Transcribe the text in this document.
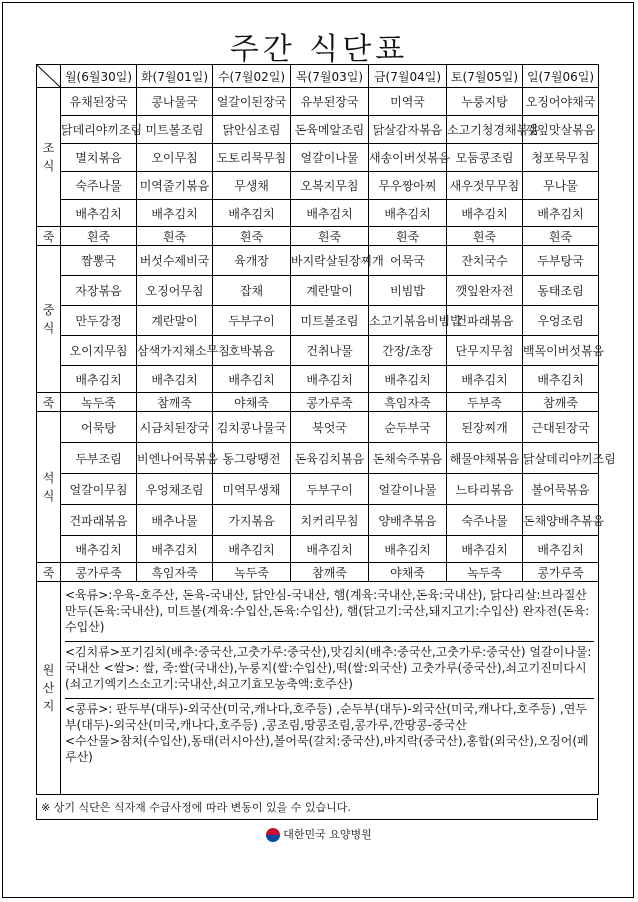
주간 식단표
	월(6월30일)	화(7월01일)	수(7월02일)	목(7월03일)	금(7월04일)	토(7월05일)	일(7월06일)
조식	유채된장국	콩나물국	얼갈이된장국	유부된장국	미역국	누룽지탕	오징어야채국
	닭데리야끼조림	미트볼조림	닭안심조림	돈육메알조림	닭살감자볶음	소고기청경채볶음	깻잎맛살볶음
	멸치볶음	오이무침	도토리묵무침	얼갈이나물	새송이버섯볶음	모둠콩조림	청포묵무침
	숙주나물	미역줄기볶음	무생채	오복지무침	무우짱아찌	새우젓무무침	무나물
	배추김치	배추김치	배추김치	배추김치	배추김치	배추김치	배추김치
죽	흰죽	흰죽	흰죽	흰죽	흰죽	흰죽	흰죽
중식	짬뽕국	버섯수제비국	육개장	바지락살된장찌개	어묵국	잔치국수	두부탕국
	자장볶음	오징어무침	잡채	계란말이	비빔밥	깻잎완자전	동태조림
	만두강정	계란말이	두부구이	미트볼조림	소고기볶음비빔밥	건파래볶음	우엉조림
	오이지무침	삼색가지채소무침	호박볶음	건취나물	간장/초장	단무지무침	백목이버섯볶음
	배추김치	배추김치	배추김치	배추김치	배추김치	배추김치	배추김치
죽	녹두죽	참깨죽	야채죽	콩가루죽	흑임자죽	두부죽	참깨죽
석식	어묵탕	시금치된장국	김치콩나물국	북엇국	순두부국	된장찌개	근대된장국
	두부조림	비엔나어묵볶음	동그랑땡전	돈육김치볶음	돈채숙주볶음	해물야채볶음	닭살데리야끼조림
	얼갈이무침	우엉채조림	미역무생채	두부구이	얼갈이나물	느타리볶음	볼어묵볶음
	건파래볶음	배추나물	가지볶음	치커리무침	양배추볶음	숙주나물	돈채양배추볶음
	배추김치	배추김치	배추김치	배추김치	배추김치	배추김치	배추김치
죽	콩가루죽	흑임자죽	녹두죽	참깨죽	야채죽	녹두죽	콩가루죽
원산지	<육류>:우육-호주산, 돈육-국내산, 닭안심-국내산, 햄(계육:국내산,돈육:국내산), 닭다리살:브라질산 만두(돈육:국내산), 미트볼(계육:수입산,돈육:수입산), 햄(닭고기:국산,돼지고기:수입산) 완자전(돈육:수입산)
<김치류>포기김치(배추:중국산,고춧가루:중국산),맛김치(배추:중국산,고춧가루:중국산) 얼갈이나물:국내산 <쌀>: 쌀, 죽:쌀(국내산),누룽지(쌀:수입산),떡(쌀:외국산) 고춧가루(중국산),쇠고기진미다시(쇠고기엑기스소고기:국내산,쇠고기효모농축액:호주산)
<콩류>: 판두부(대두)-외국산(미국,캐나다,호주등) ,순두부(대두)-외국산(미국,캐나다,호주등) ,연두부(대두)-외국산(미국,캐나다,호주등) ,콩조림,땅콩조림,콩가루,깐땅콩-중국산
<수산물>참치(수입산),동태(러시아산),볼어묵(갈치:중국산),바지락(중국산),홍합(외국산),오징어(페루산)						
※ 상기 식단은 식자재 수급사정에 따라 변동이 있을 수 있습니다.
대한민국 요양병원
